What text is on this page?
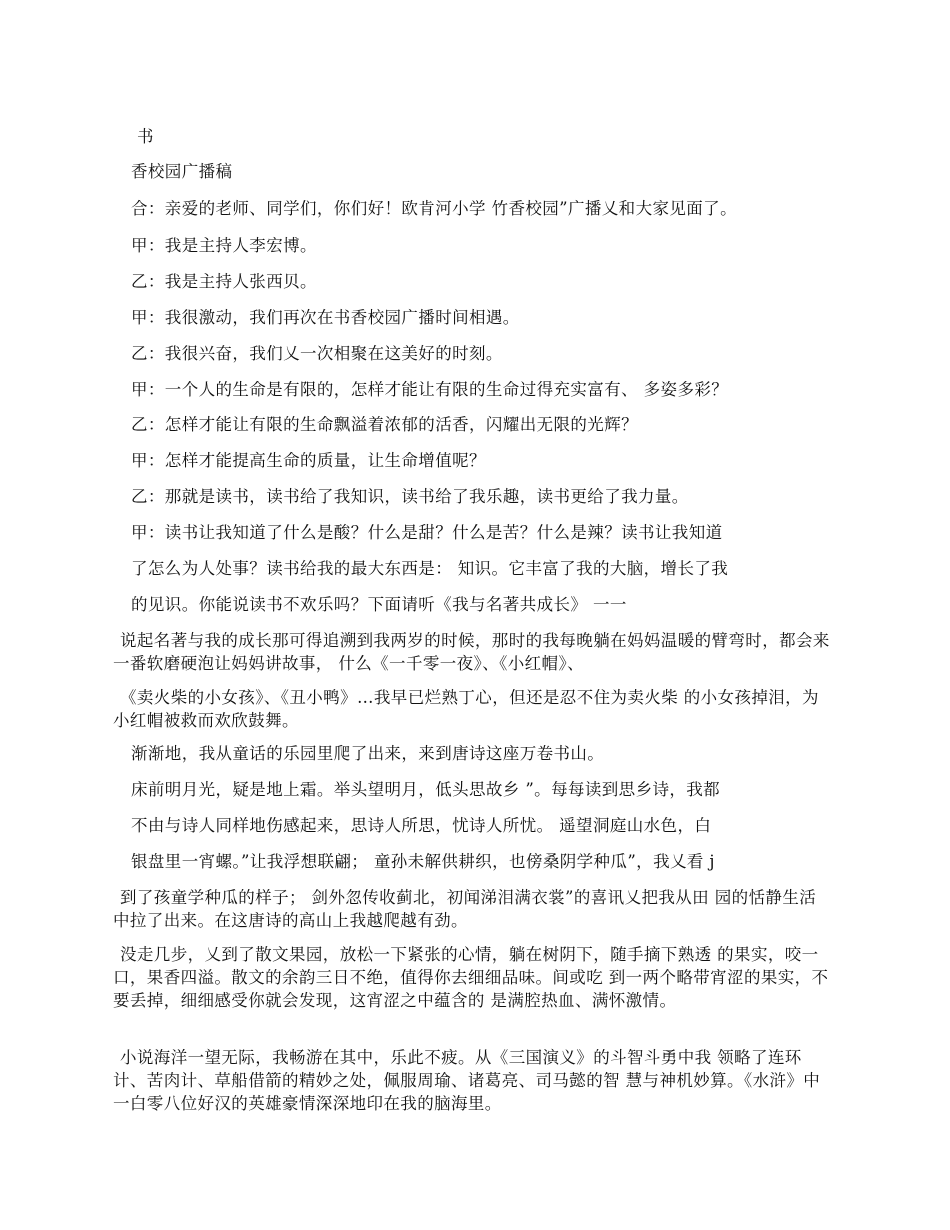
书
香校园广播稿
合：亲爱的老师、同学们，你们好！欧肯河小学 竹香校园”广播乂和大家见面了。
甲：我是主持人李宏博。
乙：我是主持人张西贝。
甲：我很激动，我们再次在书香校园广播时间相遇。
乙：我很兴奋，我们乂一次相聚在这美好的时刻。
甲：一个人的生命是有限的，怎样才能让有限的生命过得充实富有、 多姿多彩？
乙：怎样才能让有限的生命飘溢着浓郁的活香，闪耀出无限的光辉？
甲：怎样才能提高生命的质量，让生命增值呢？
乙：那就是读书，读书给了我知识，读书给了我乐趣，读书更给了我力量。
甲：读书让我知道了什么是酸？什么是甜？什么是苦？什么是辣？读书让我知道
了怎么为人处事？读书给我的最大东西是： 知识。它丰富了我的大脑，增长了我
的见识。你能说读书不欢乐吗？下面请听《我与名著共成长》 一一
说起名著与我的成长那可得追溯到我两岁的时候，那时的我每晚躺在妈妈温暖的臂弯时，都会来一番软磨硬泡让妈妈讲故事， 什么《一千零一夜》、《小红帽》、
《卖火柴的小女孩》、《丑小鸭》…我早已烂熟丁心，但还是忍不住为卖火柴 的小女孩掉泪，为小红帽被救而欢欣鼓舞。
渐渐地，我从童话的乐园里爬了出来，来到唐诗这座万卷书山。
床前明月光，疑是地上霜。举头望明月，低头思故乡 ”。每每读到思乡诗，我都
不由与诗人同样地伤感起来，思诗人所思，忧诗人所忧。 遥望洞庭山水色，白
银盘里一宵螺。”让我浮想联翩； 童孙未解供耕织，也傍桑阴学种瓜”，我乂看 j
到了孩童学种瓜的样子； 剑外忽传收蓟北，初闻涕泪满衣裳”的喜讯乂把我从田 园的恬静生活中拉了出来。在这唐诗的高山上我越爬越有劲。
没走几步，乂到了散文果园，放松一下紧张的心情，躺在树阴下，随手摘下熟透 的果实，咬一口，果香四溢。散文的余韵三日不绝，值得你去细细品味。间或吃 到一两个略带宵涩的果实，不要丢掉，细细感受你就会发现，这宵涩之中蕴含的 是满腔热血、满怀激情。
小说海洋一望无际，我畅游在其中，乐此不疲。从《三国演义》的斗智斗勇中我 领略了连环计、苦肉计、草船借箭的精妙之处，佩服周瑜、诸葛亮、司马懿的智 慧与神机妙算。《水浒》中一白零八位好汉的英雄豪情深深地印在我的脑海里。
